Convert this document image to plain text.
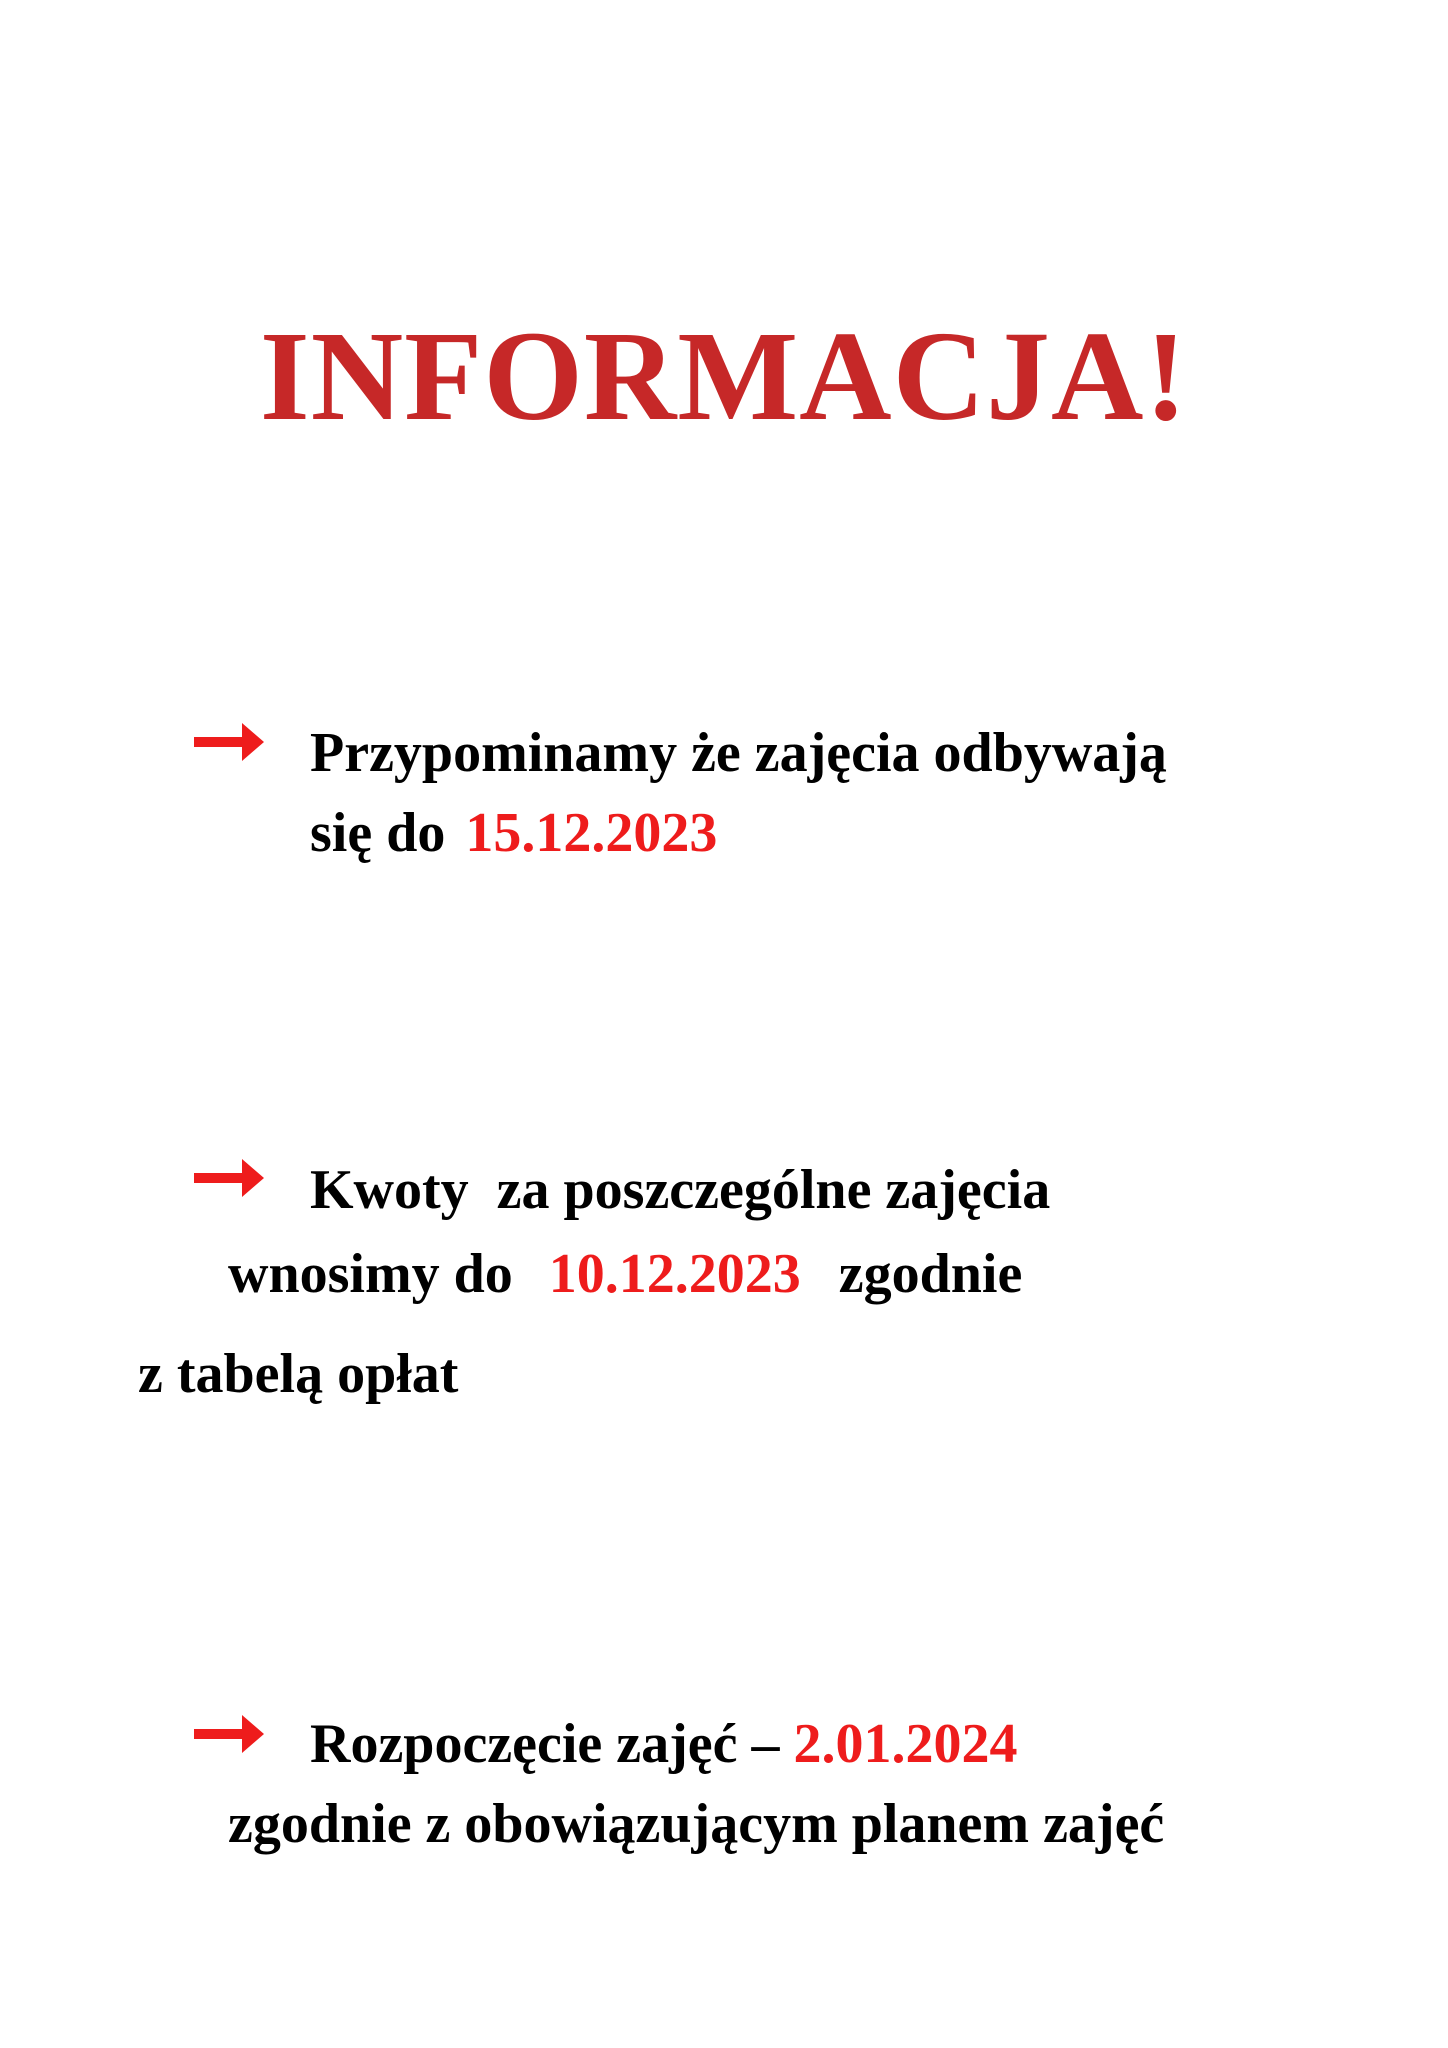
INFORMACJA!
Przypominamy że zajęcia odbywają
się do 15.12.2023
Kwoty  za poszczególne zajęcia
wnosimy do 10.12.2023 zgodnie
z tabelą opłat
Rozpoczęcie zajęć – 2.01.2024
zgodnie z obowiązującym planem zajęć
